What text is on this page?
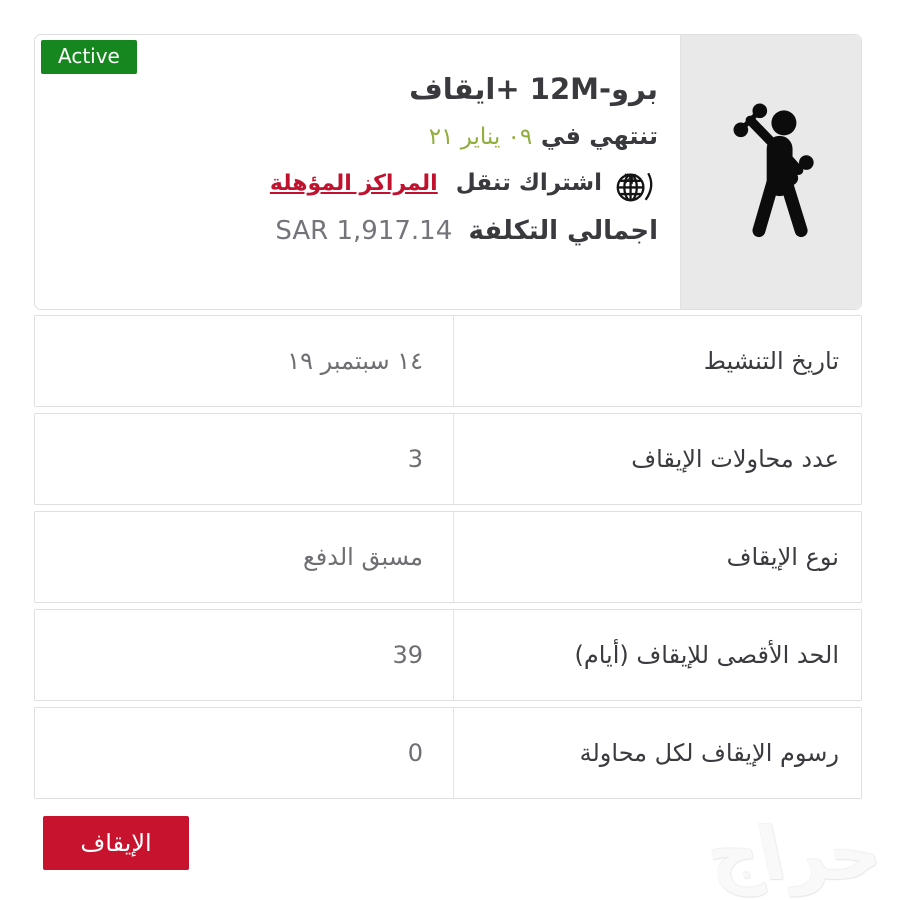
برو-12M +ايقاف
تنتهي في ٠٩ يناير ٢١
✈
اشتراك تنقل
المراكز المؤهلة
اجمالي التكلفة SAR 1,917.14
Active
تاريخ التنشيط
١٤ سبتمبر ١٩
عدد محاولات الإيقاف
3
نوع الإيقاف
مسبق الدفع
الحد الأقصى للإيقاف (أيام)
39
رسوم الإيقاف لكل محاولة
0
الإيقاف	حراج
